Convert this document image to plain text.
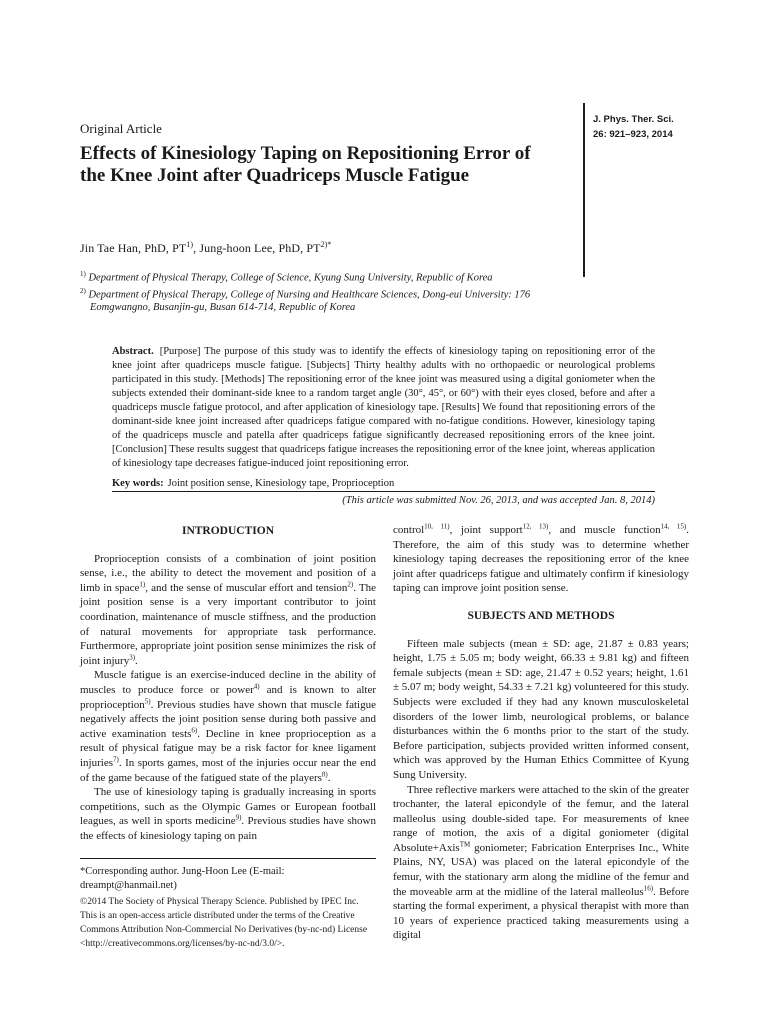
J. Phys. Ther. Sci.
26: 921–923, 2014
Original Article
Effects of Kinesiology Taping on Repositioning Error of the Knee Joint after Quadriceps Muscle Fatigue
Jin Tae Han, PhD, PT$^{1)}$, Jung-hoon Lee, PhD, $PT^{2)*}$
$^{1)}$ Department of Physical Therapy, College of Science, Kyung Sung University, Republic of Korea
$^{2)}$ Department of Physical Therapy, College of Nursing and Healthcare Sciences, Dong-eui University: 176 Eomgwangno, Busanjin-gu, Busan 614-714, Republic of Korea
Abstract. [Purpose] The purpose of this study was to identify the effects of kinesiology taping on repositioning error of the knee joint after quadriceps muscle fatigue. [Subjects] Thirty healthy adults with no orthopaedic or neurological problems participated in this study. [Methods] The repositioning error of the knee joint was measured using a digital goniometer when the subjects extended their dominant-side knee to a random target angle (30°, 45°, or 60°) with their eyes closed, before and after a quadriceps muscle fatigue protocol, and after application of kinesiology tape. [Results] We found that repositioning errors of the dominant-side knee joint increased after quadriceps fatigue compared with no-fatigue conditions. However, kinesiology taping of the quadriceps muscle and patella after quadriceps fatigue significantly decreased repositioning errors of the knee joint. [Conclusion] These results suggest that quadriceps fatigue increases the repositioning error of the knee joint, whereas application of kinesiology tape decreases fatigue-induced joint repositioning error.
Key words: Joint position sense, Kinesiology tape, Proprioception
(This article was submitted Nov. 26, 2013, and was accepted Jan. 8, 2014)
INTRODUCTION

Proprioception consists of a combination of joint position sense, i.e., the ability to detect the movement and position of a limb in space$^{1)}$, and the sense of muscular effort and tension$^{2)}$. The joint position sense is a very important contributor to joint coordination, maintenance of muscle stiffness, and the production of natural movements for appropriate task performance. Furthermore, appropriate joint position sense minimizes the risk of joint injury$^{3)}$.

Muscle fatigue is an exercise-induced decline in the ability of muscles to produce force or power$^{4)}$ and is known to alter proprioception$^{5)}$. Previous studies have shown that muscle fatigue negatively affects the joint position sense during both passive and active examination tests$^{6)}$. Decline in knee proprioception as a result of physical fatigue may be a risk factor for knee ligament injuries$^{7)}$. In sports games, most of the injuries occur near the end of the game because of the fatigued state of the players$^{8)}$.

The use of kinesiology taping is gradually increasing in sports competitions, such as the Olympic Games or European football leagues, as well in sports medicine$^{9)}$. Previous studies have shown the effects of kinesiology taping on pain

*Corresponding author. Jung-Hoon Lee (E-mail: dreampt@hanmail.net)
©2014 The Society of Physical Therapy Science. Published by IPEC Inc. This is an open-access article distributed under the terms of the Creative Commons Attribution Non-Commercial No Derivatives (by-nc-nd) License <http://creativecommons.org/licenses/by-nc-nd/3.0/>.

control$^{10, 11)}$, joint support$^{12, 13)}$, and muscle function$^{14, 15)}$. Therefore, the aim of this study was to determine whether kinesiology taping decreases the repositioning error of the knee joint after quadriceps fatigue and ultimately confirm if kinesiology taping can improve joint position sense.

SUBJECTS AND METHODS

Fifteen male subjects (mean ± SD: age, 21.87 ± 0.83 years; height, 1.75 ± 5.05 m; body weight, 66.33 ± 9.81 kg) and fifteen female subjects (mean ± SD: age, 21.47 ± 0.52 years; height, 1.61 ± 5.07 m; body weight, 54.33 ± 7.21 kg) volunteered for this study. Subjects were excluded if they had any known musculoskeletal disorders of the lower limb, neurological problems, or balance disturbances within the 6 months prior to the start of the study. Before participation, subjects provided written informed consent, which was approved by the Human Ethics Committee of Kyung Sung University.

Three reflective markers were attached to the skin of the greater trochanter, the lateral epicondyle of the femur, and the lateral malleolus using double-sided tape. For measurements of knee range of motion, the axis of a digital goniometer (digital Absolute+Axis™ goniometer; Fabrication Enterprises Inc., White Plains, NY, USA) was placed on the lateral epicondyle of the femur, with the stationary arm along the midline of the femur and the moveable arm at the midline of the lateral malleolus$^{16)}$. Before starting the formal experiment, a physical therapist with more than 10 years of experience practiced taking measurements using a digital
